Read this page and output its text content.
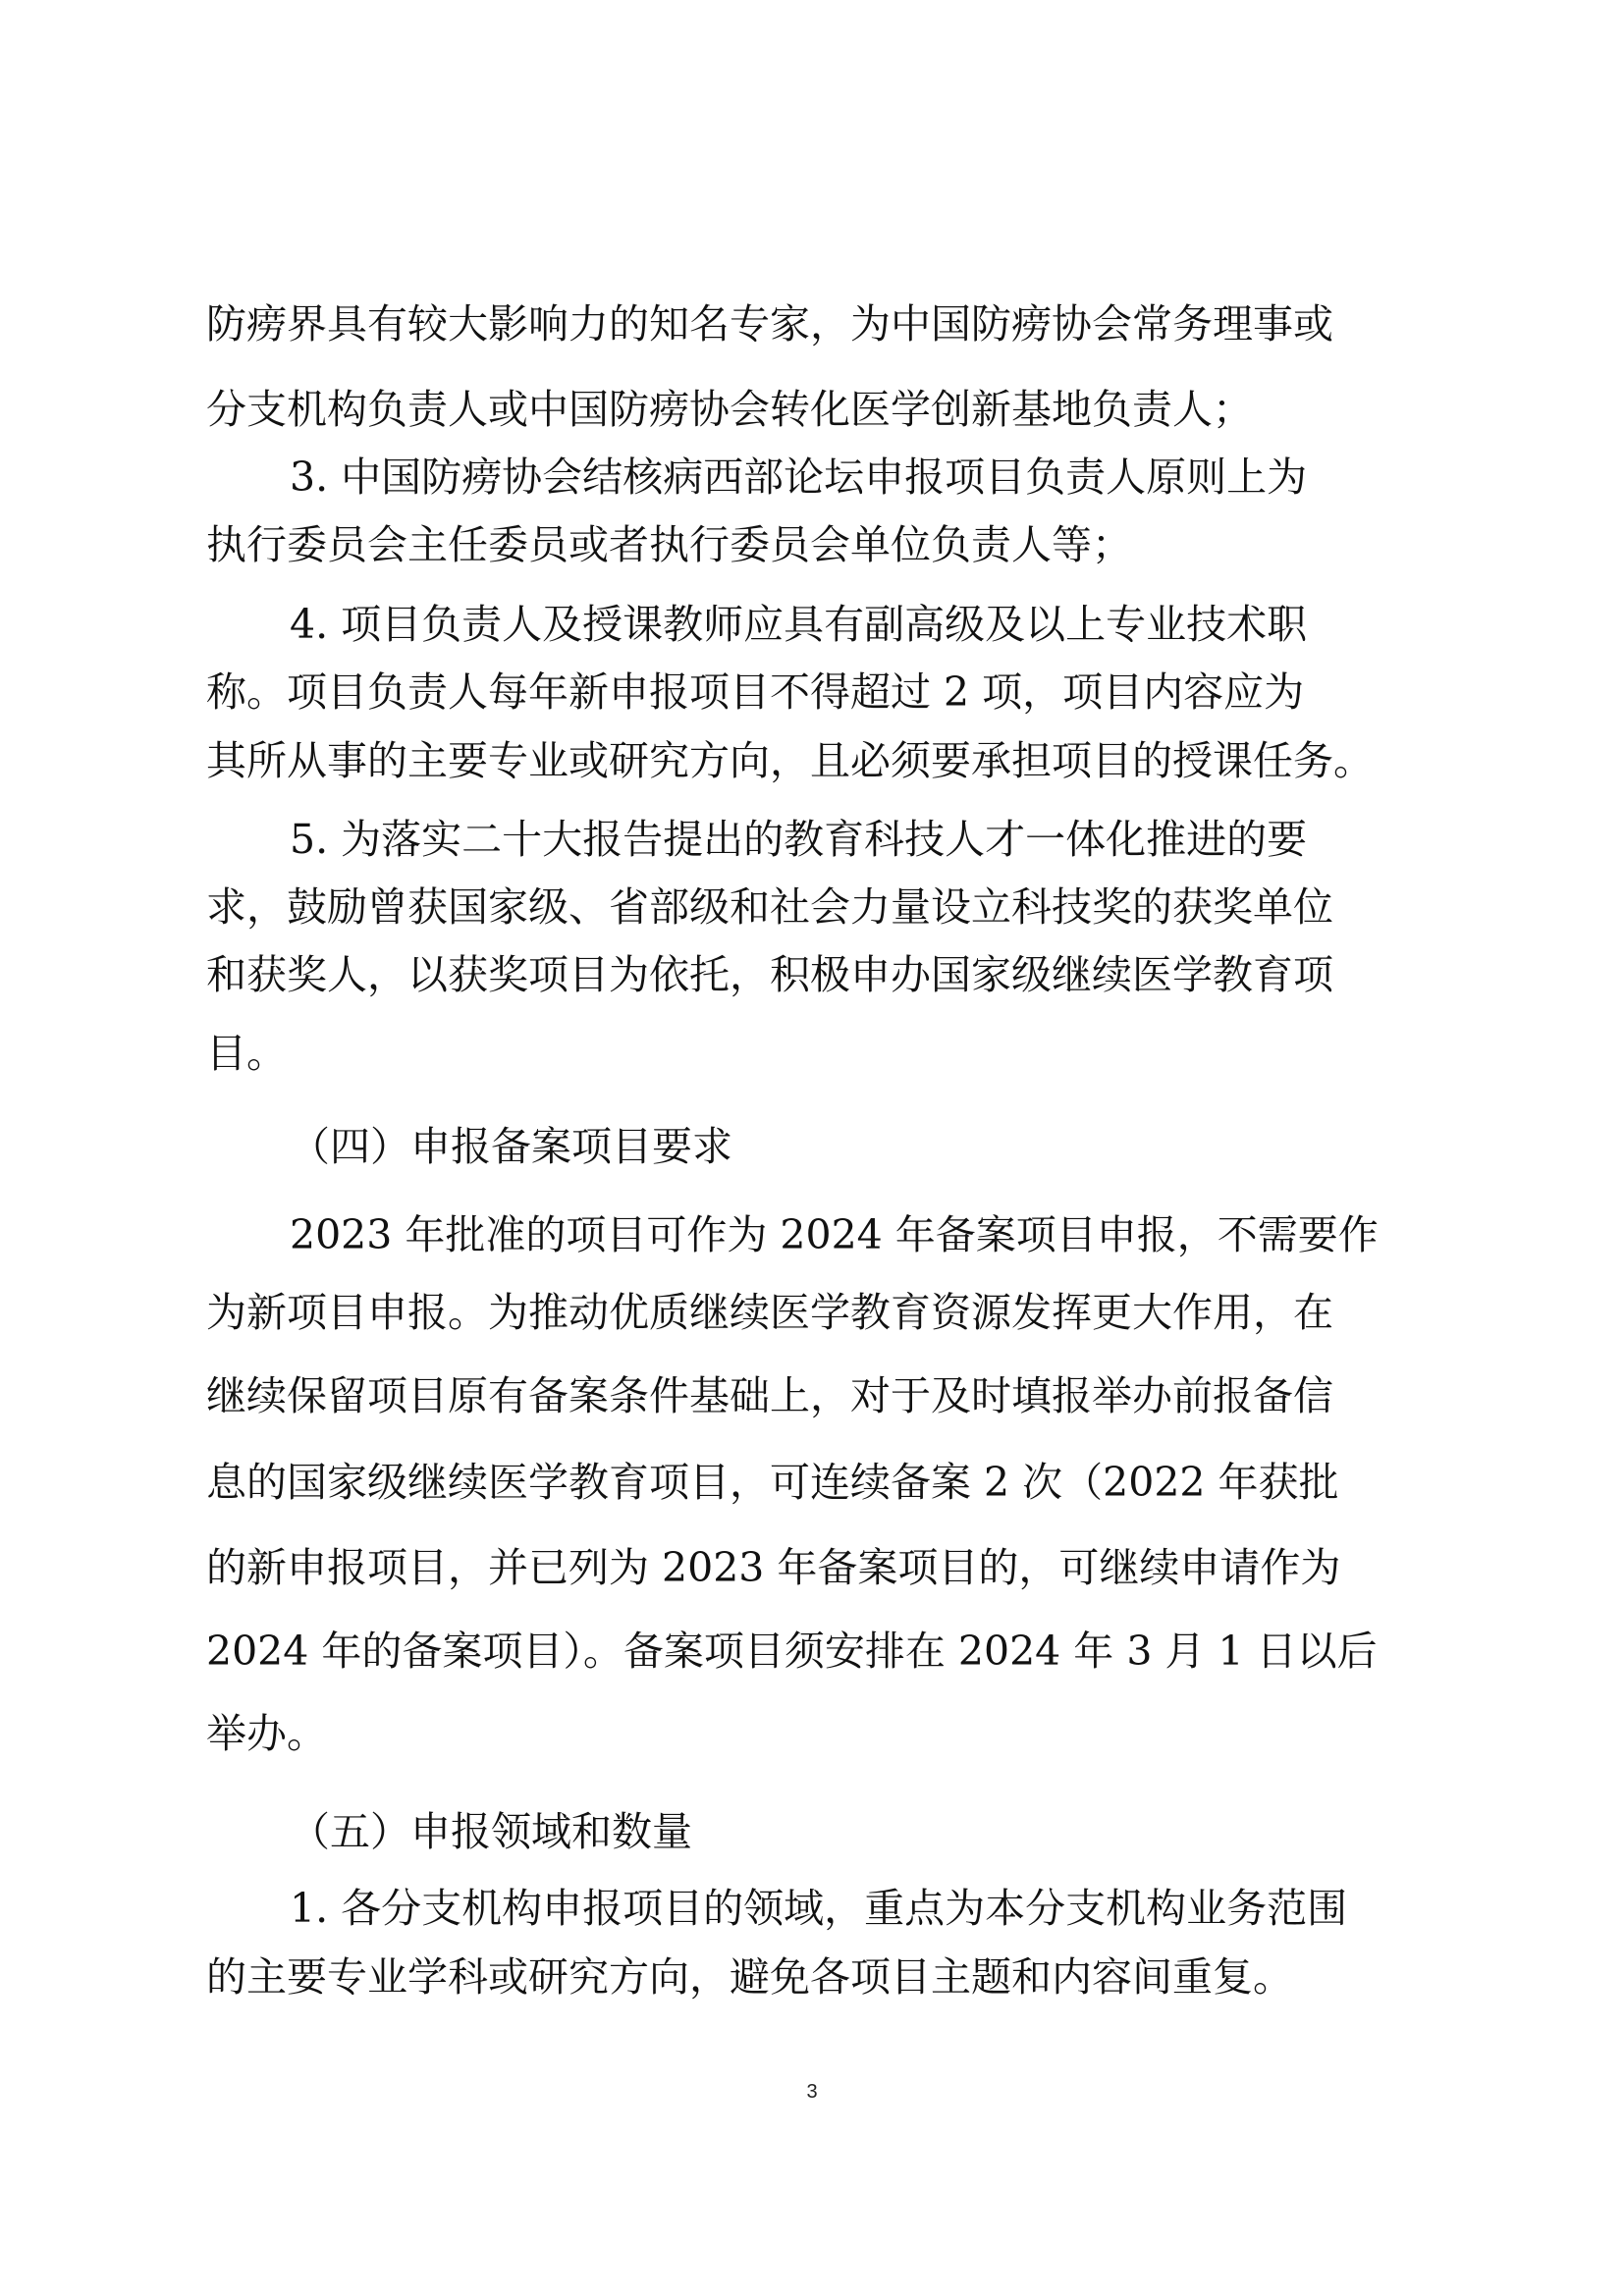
防痨界具有较大影响力的知名专家，为中国防痨协会常务理事或
分支机构负责人或中国防痨协会转化医学创新基地负责人；
3. 中国防痨协会结核病西部论坛申报项目负责人原则上为
执行委员会主任委员或者执行委员会单位负责人等；
4. 项目负责人及授课教师应具有副高级及以上专业技术职
称。项目负责人每年新申报项目不得超过 2 项，项目内容应为
其所从事的主要专业或研究方向，且必须要承担项目的授课任务。
5. 为落实二十大报告提出的教育科技人才一体化推进的要
求，鼓励曾获国家级、省部级和社会力量设立科技奖的获奖单位
和获奖人，以获奖项目为依托，积极申办国家级继续医学教育项
目。
（四）申报备案项目要求
2023 年批准的项目可作为 2024 年备案项目申报，不需要作
为新项目申报。为推动优质继续医学教育资源发挥更大作用，在
继续保留项目原有备案条件基础上，对于及时填报举办前报备信
息的国家级继续医学教育项目，可连续备案 2 次（2022 年获批
的新申报项目，并已列为 2023 年备案项目的，可继续申请作为
2024 年的备案项目）。备案项目须安排在 2024 年 3 月 1 日以后
举办。
（五）申报领域和数量
1. 各分支机构申报项目的领域，重点为本分支机构业务范围
的主要专业学科或研究方向，避免各项目主题和内容间重复。
3
